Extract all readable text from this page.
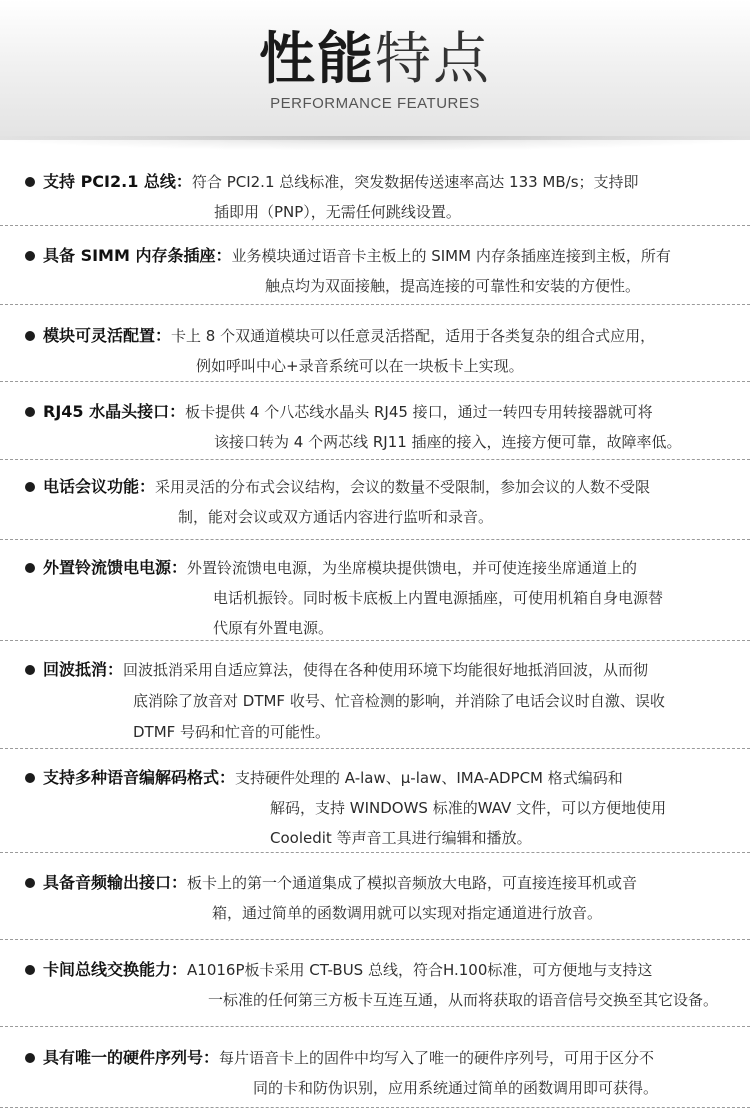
性能特点
PERFORMANCE FEATURES
支持 PCI2.1 总线：符合 PCI2.1 总线标准，突发数据传送速率高达 133 MB/s；支持即
插即用（PNP），无需任何跳线设置。
具备 SIMM 内存条插座：业务模块通过语音卡主板上的 SIMM 内存条插座连接到主板，所有
触点均为双面接触，提高连接的可靠性和安装的方便性。
模块可灵活配置：卡上 8 个双通道模块可以任意灵活搭配，适用于各类复杂的组合式应用，
例如呼叫中心+录音系统可以在一块板卡上实现。
RJ45 水晶头接口：板卡提供 4 个八芯线水晶头 RJ45 接口，通过一转四专用转接器就可将
该接口转为 4 个两芯线 RJ11 插座的接入，连接方便可靠，故障率低。
电话会议功能：采用灵活的分布式会议结构，会议的数量不受限制，参加会议的人数不受限
制，能对会议或双方通话内容进行监听和录音。
外置铃流馈电电源：外置铃流馈电电源，为坐席模块提供馈电，并可使连接坐席通道上的
电话机振铃。同时板卡底板上内置电源插座，可使用机箱自身电源替
代原有外置电源。
回波抵消：回波抵消采用自适应算法，使得在各种使用环境下均能很好地抵消回波，从而彻
底消除了放音对 DTMF 收号、忙音检测的影响，并消除了电话会议时自激、误收
DTMF 号码和忙音的可能性。
支持多种语音编解码格式：支持硬件处理的 A-law、μ-law、IMA-ADPCM 格式编码和
解码，支持 WINDOWS 标准的WAV 文件，可以方便地使用
Cooledit 等声音工具进行编辑和播放。
具备音频输出接口：板卡上的第一个通道集成了模拟音频放大电路，可直接连接耳机或音
箱，通过简单的函数调用就可以实现对指定通道进行放音。
卡间总线交换能力：A1016P板卡采用 CT-BUS 总线，符合H.100标准，可方便地与支持这
一标准的任何第三方板卡互连互通，从而将获取的语音信号交换至其它设备。
具有唯一的硬件序列号：每片语音卡上的固件中均写入了唯一的硬件序列号，可用于区分不
同的卡和防伪识别，应用系统通过简单的函数调用即可获得。
